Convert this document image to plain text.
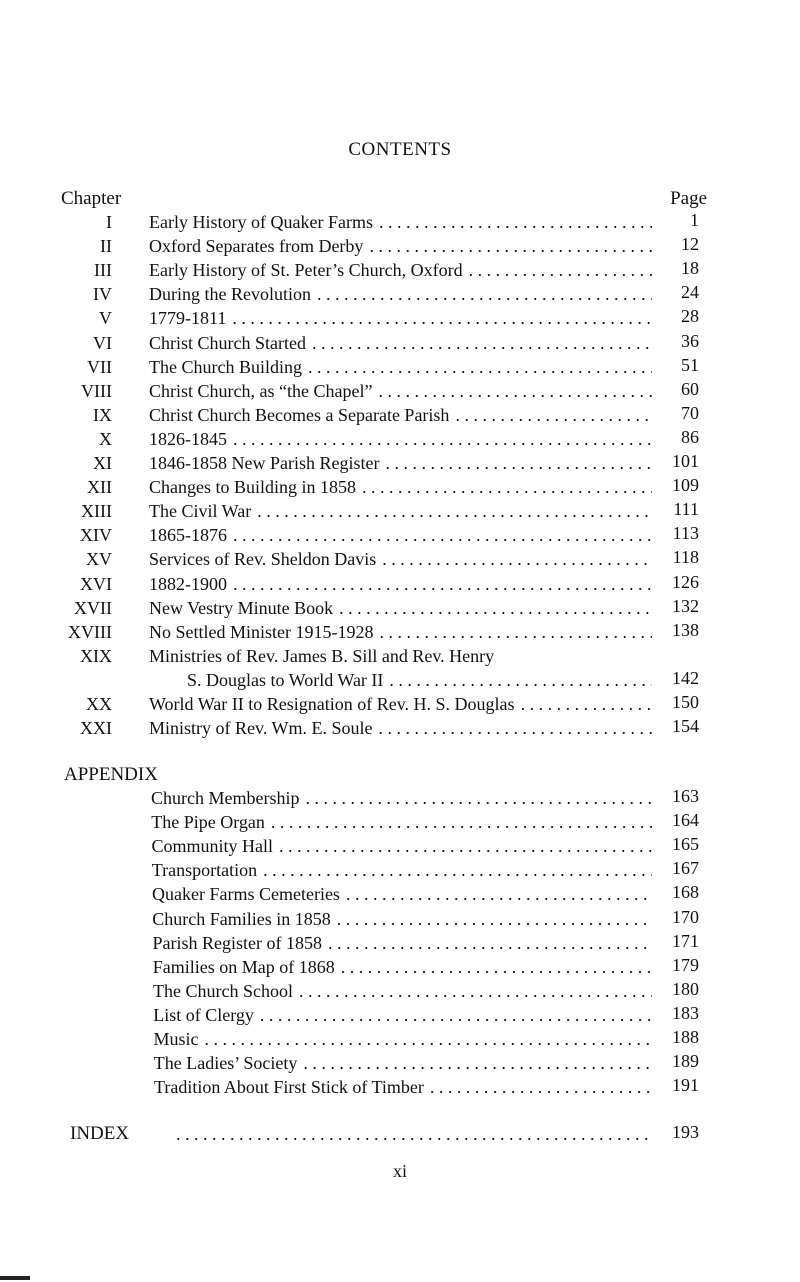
CONTENTS
Chapter	Page
I Early History of Quaker Farms . . .	1
II Oxford Separates from Derby . . .	12
III Early History of St. Peter’s Church, Oxford . . .	18
IV During the Revolution . . .	24
V 1779-1811 . . .	28
VI Christ Church Started . . .	36
VII The Church Building . . .	51
VIII Christ Church, as “the Chapel” . . .	60
IX Christ Church Becomes a Separate Parish . . .	70
X 1826-1845 . . .	86
XI 1846-1858 New Parish Register . . .	101
XII Changes to Building in 1858 . . .	109
XIII The Civil War . . .	111
XIV 1865-1876 . . .	113
XV Services of Rev. Sheldon Davis . . .	118
XVI 1882-1900 . . .	126
XVII New Vestry Minute Book . . .	132
XVIII No Settled Minister 1915-1928 . . .	138
XIX Ministries of Rev. James B. Sill and Rev. Henry
S. Douglas to World War II . . .	142
XX World War II to Resignation of Rev. H. S. Douglas . . .	150
XXI Ministry of Rev. Wm. E. Soule . . .	154
APPENDIX
Church Membership . . .	163
The Pipe Organ . . .	164
Community Hall . . .	165
Transportation . . .	167
Quaker Farms Cemeteries . . .	168
Church Families in 1858 . . .	170
Parish Register of 1858 . . .	171
Families on Map of 1868 . . .	179
The Church School . . .	180
List of Clergy . . .	183
Music . . .	188
The Ladies’ Society . . .	189
Tradition About First Stick of Timber . . .	191
INDEX . . .	193
xi
